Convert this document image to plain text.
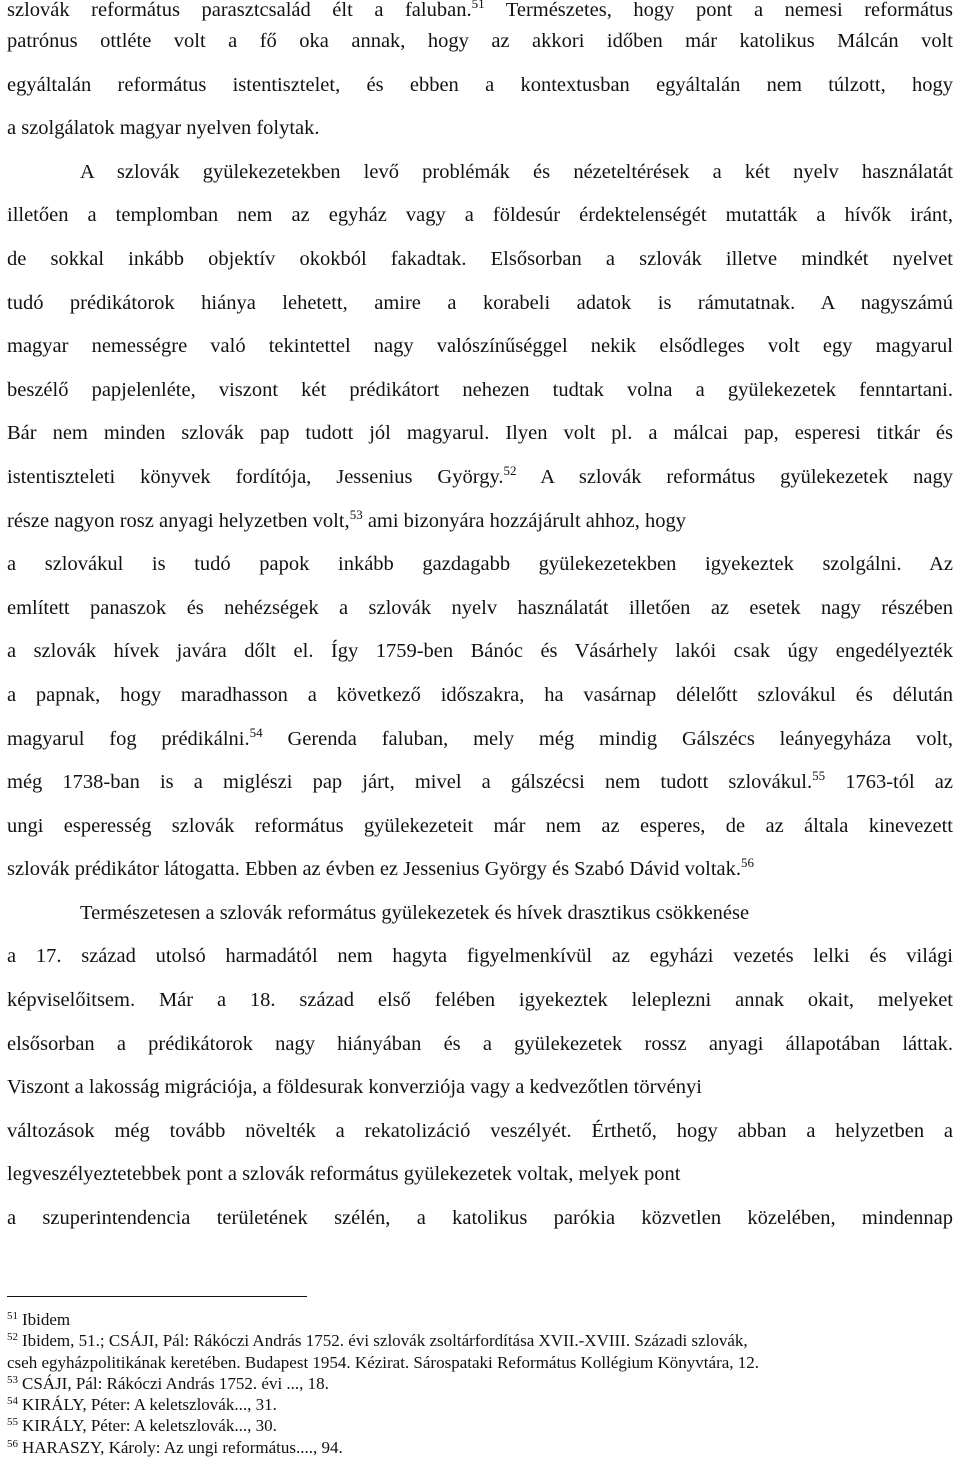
szlovák református parasztcsalád élt a faluban.$^{51}$ Természetes, hogy pont a nemesi református
patrónus ottléte volt a fő oka annak, hogy az akkori időben már katolikus Málcán volt
egyáltalán református istentisztelet, és ebben a kontextusban egyáltalán nem túlzott, hogy
a szolgálatok magyar nyelven folytak.
A szlovák gyülekezetekben levő problémák és nézeteltérések a két nyelv használatát
illetően a templomban nem az egyház vagy a földesúr érdektelenségét mutatták a hívők iránt,
de sokkal inkább objektív okokból fakadtak. Elsősorban a szlovák illetve mindkét nyelvet
tudó prédikátorok hiánya lehetett, amire a korabeli adatok is rámutatnak. A nagyszámú
magyar nemességre való tekintettel nagy valószínűséggel nekik elsődleges volt egy magyarul
beszélő papjelenléte, viszont két prédikátort nehezen tudtak volna a gyülekezetek fenntartani.
Bár nem minden szlovák pap tudott jól magyarul. Ilyen volt pl. a málcai pap, esperesi titkár és
istentiszteleti könyvek fordítója, Jessenius György.$^{52}$ A szlovák református gyülekezetek nagy
része nagyon rosz anyagi helyzetben volt,$^{53}$ ami bizonyára hozzájárult ahhoz, hogy
a szlovákul is tudó papok inkább gazdagabb gyülekezetekben igyekeztek szolgálni. Az
említett panaszok és nehézségek a szlovák nyelv használatát illetően az esetek nagy részében
a szlovák hívek javára dőlt el. Így 1759-ben Bánóc és Vásárhely lakói csak úgy engedélyezték
a papnak, hogy maradhasson a következő időszakra, ha vasárnap délelőtt szlovákul és délután
magyarul fog prédikálni.$^{54}$ Gerenda faluban, mely még mindig Gálszécs leányegyháza volt,
még 1738-ban is a miglészi pap járt, mivel a gálszécsi nem tudott szlovákul.$^{55}$ 1763-tól az
ungi esperesség szlovák református gyülekezeteit már nem az esperes, de az általa kinevezett
szlovák prédikátor látogatta. Ebben az évben ez Jessenius György és Szabó Dávid voltak.$^{56}$
Természetesen a szlovák református gyülekezetek és hívek drasztikus csökkenése
a 17. század utolsó harmadától nem hagyta figyelmenkívül az egyházi vezetés lelki és világi
képviselőitsem. Már a 18. század első felében igyekeztek leleplezni annak okait, melyeket
elsősorban a prédikátorok nagy hiányában és a gyülekezetek rossz anyagi állapotában láttak.
Viszont a lakosság migrációja, a földesurak konverziója vagy a kedvezőtlen törvényi
változások még tovább növelték a rekatolizáció veszélyét. Érthető, hogy abban a helyzetben a
legveszélyeztetebbek pont a szlovák református gyülekezetek voltak, melyek pont
a szuperintendencia területének szélén, a katolikus parókia közvetlen közelében, mindennap
$^{51}$ Ibidem
$^{52}$ Ibidem, 51.; CSÁJI, Pál: Rákóczi András 1752. évi szlovák zsoltárfordítása XVII.-XVIII. Századi szlovák,
cseh egyházpolitikának keretében. Budapest 1954. Kézirat. Sárospataki Református Kollégium Könyvtára, 12.
$^{53}$ CSÁJI, Pál: Rákóczi András 1752. évi ..., 18.
$^{54}$ KIRÁLY, Péter: A keletszlovák..., 31.
$^{55}$ KIRÁLY, Péter: A keletszlovák..., 30.
$^{56}$ HARASZY, Károly: Az ungi református...., 94.
